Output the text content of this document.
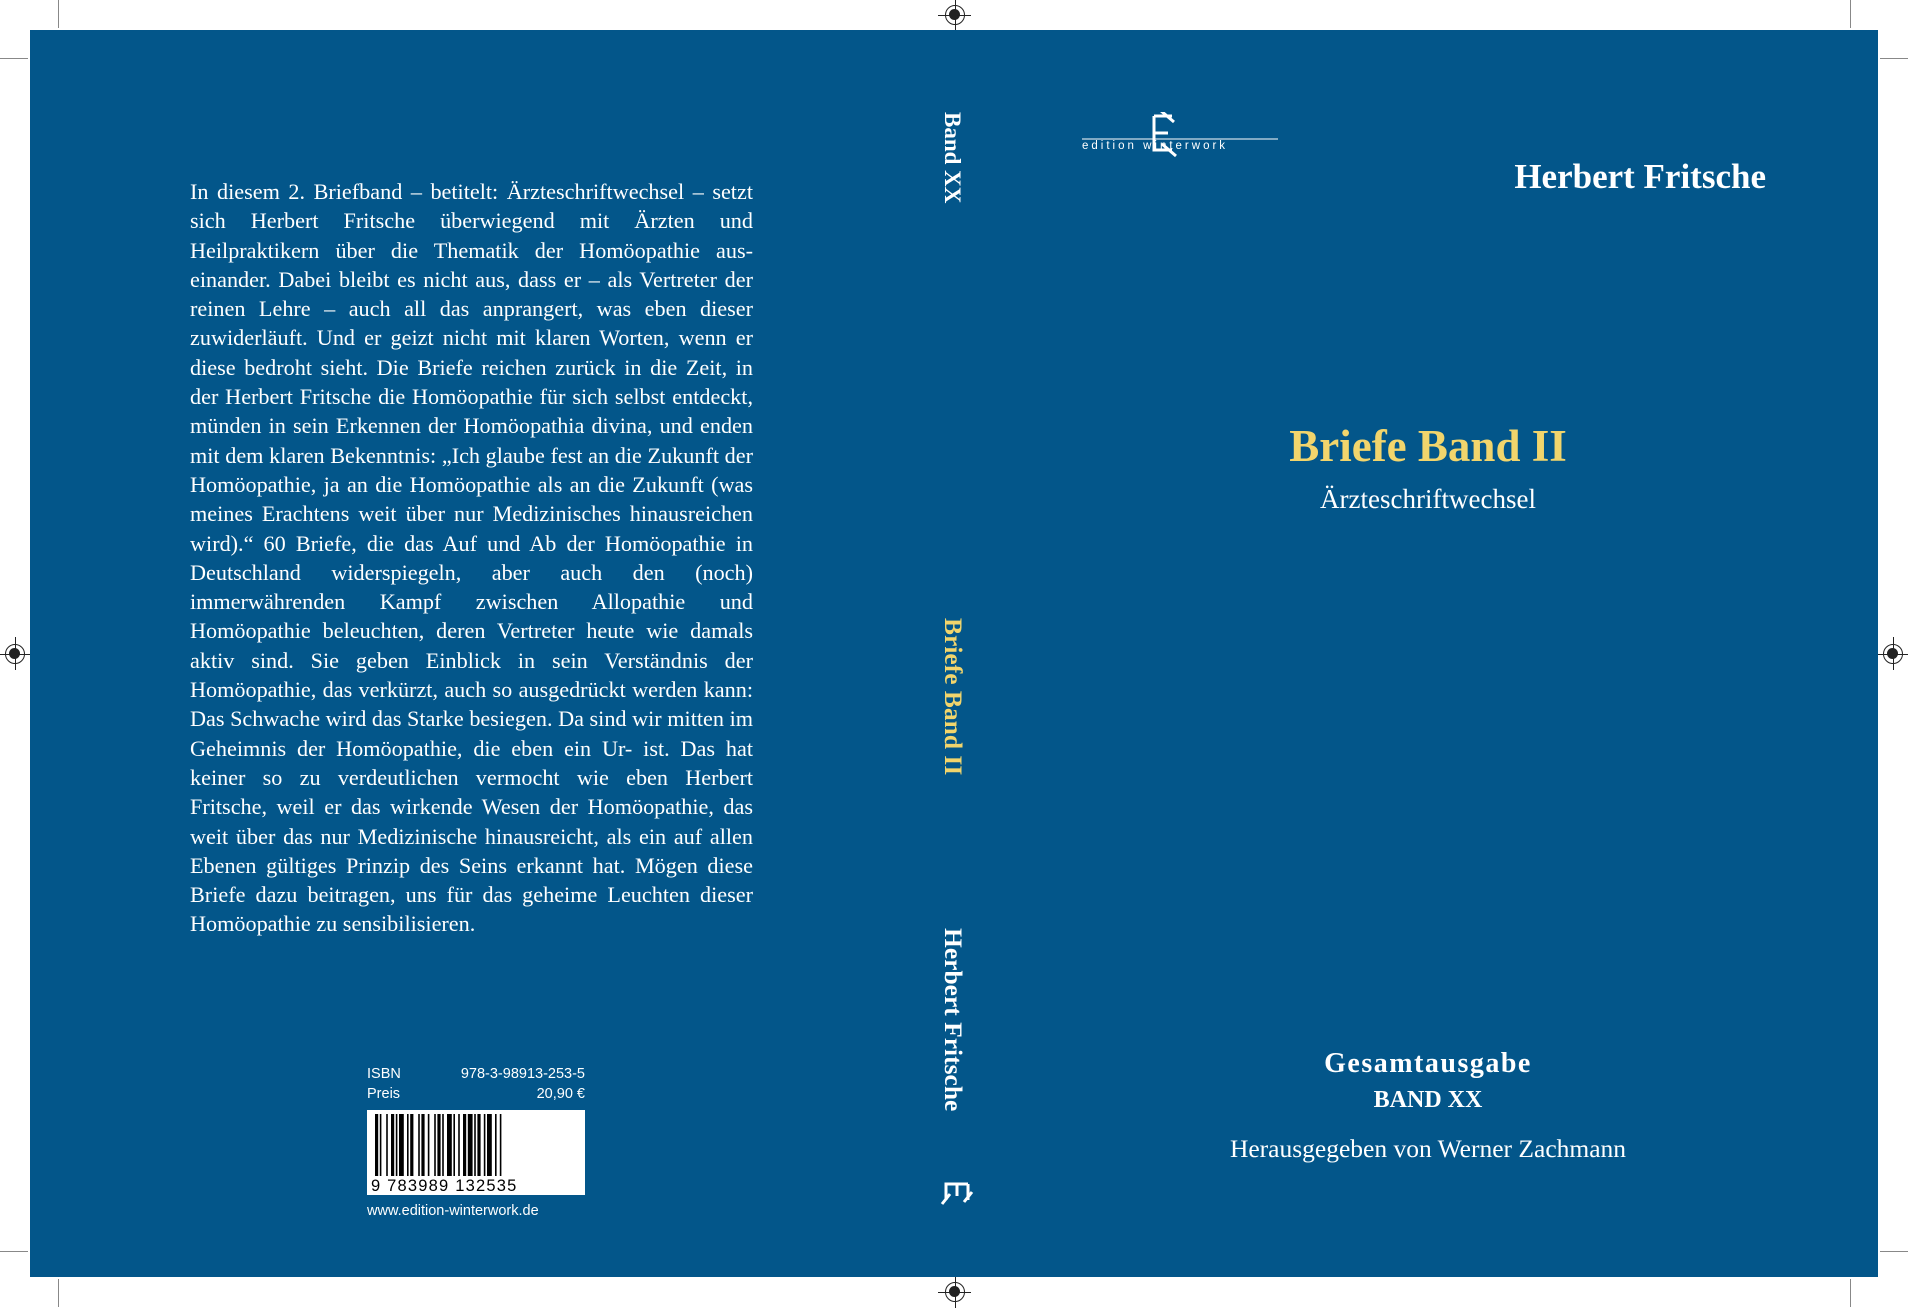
In diesem 2. Briefband – betitelt: Ärzteschriftwechsel – setzt sich Herbert Fritsche überwiegend mit Ärzten und Heilpraktikern über die Thematik der Homöopathie auseinander. Dabei bleibt es nicht aus, dass er – als Vertreter der reinen Lehre – auch all das anprangert, was eben dieser zuwiderläuft. Und er geizt nicht mit klaren Worten, wenn er diese bedroht sieht. Die Briefe reichen zurück in die Zeit, in der Herbert Fritsche die Homöopathie für sich selbst entdeckt, münden in sein Erkennen der Homöopathia divina, und enden mit dem klaren Bekenntnis: „Ich glaube fest an die Zukunft der Homöopathie, ja an die Homöopathie als an die Zukunft (was meines Erachtens weit über nur Medizinisches hinausreichen wird).“ 60 Briefe, die das Auf und Ab der Homöopathie in Deutschland widerspiegeln, aber auch den (noch) immerwährenden Kampf zwischen Allopathie und Homöopathie beleuchten, deren Vertreter heute wie damals aktiv sind. Sie geben Einblick in sein Verständnis der Homöopathie, das verkürzt, auch so ausgedrückt werden kann: Das Schwache wird das Starke besiegen. Da sind wir mitten im Geheimnis der Homöopathie, die eben ein Ur- ist. Das hat keiner so zu verdeutlichen vermocht wie eben Herbert Fritsche, weil er das wirkende Wesen der Homöopathie, das weit über das nur Medizinische hinausreicht, als ein auf allen Ebenen gültiges Prinzip des Seins erkannt hat. Mögen diese Briefe dazu beitragen, uns für das geheime Leuchten dieser Homöopathie zu sensibilisieren.
ISBN	978-3-98913-253-5
Preis	20,90 €
9 783989 132535
www.edition-winterwork.de
Band XX
Briefe Band II
Herbert Fritsche
edition winterwork
Herbert Fritsche
Briefe Band II
Ärzteschriftwechsel
Gesamtausgabe
BAND XX
Herausgegeben von Werner Zachmann
